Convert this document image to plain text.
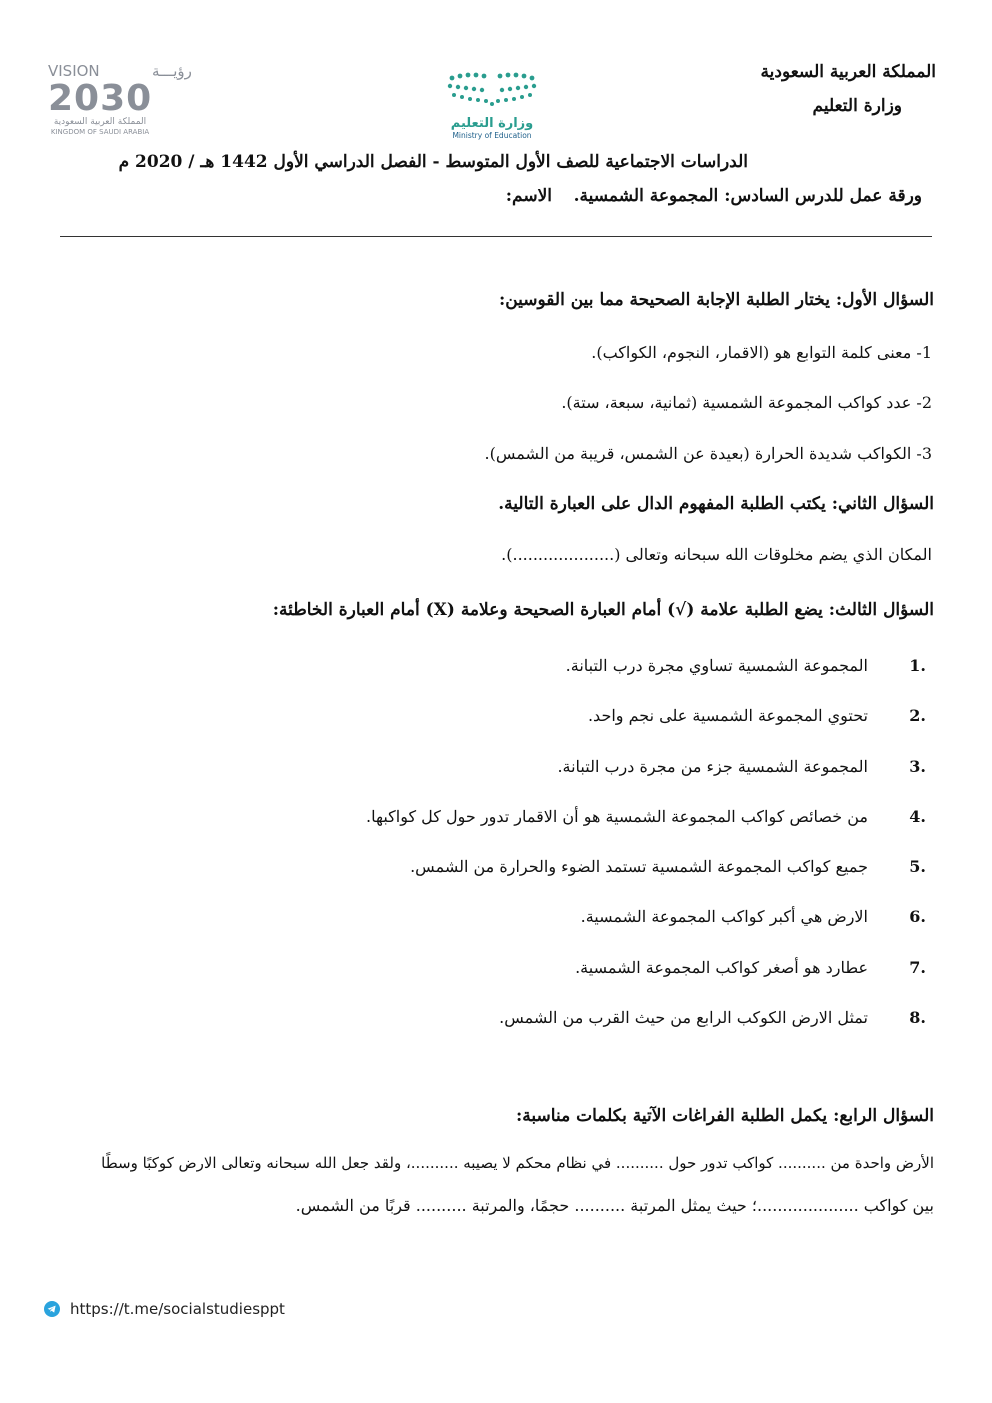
المملكة العربية السعودية
وزارة التعليم
VISION	رؤيـــة
2030
المملكة العربية السعودية
KINGDOM OF SAUDI ARABIA
وزارة التعليم
Ministry of Education
الدراسات الاجتماعية للصف الأول المتوسط - الفصل الدراسي الأول 1442 هـ / 2020 م
ورقة عمل للدرس السادس: المجموعة الشمسية.
الاسم:
السؤال الأول: يختار الطلبة الإجابة الصحيحة مما بين القوسين:
1- معنى كلمة التوابع هو (الاقمار، النجوم، الكواكب).
2- عدد كواكب المجموعة الشمسية (ثمانية، سبعة، ستة).
3- الكواكب شديدة الحرارة (بعيدة عن الشمس، قريبة من الشمس).
السؤال الثاني: يكتب الطلبة المفهوم الدال على العبارة التالية.
المكان الذي يضم مخلوقات الله سبحانه وتعالى (....................).
السؤال الثالث: يضع الطلبة علامة (√) أمام العبارة الصحيحة وعلامة (X) أمام العبارة الخاطئة:
1.
المجموعة الشمسية تساوي مجرة درب التبانة.
2.
تحتوي المجموعة الشمسية على نجم واحد.
3.
المجموعة الشمسية جزء من مجرة درب التبانة.
4.
من خصائص كواكب المجموعة الشمسية هو أن الاقمار تدور حول كل كواكبها.
5.
جميع كواكب المجموعة الشمسية تستمد الضوء والحرارة من الشمس.
6.
الارض هي أكبر كواكب المجموعة الشمسية.
7.
عطارد هو أصغر كواكب المجموعة الشمسية.
8.
تمثل الارض الكوكب الرابع من حيث القرب من الشمس.
السؤال الرابع: يكمل الطلبة الفراغات الآتية بكلمات مناسبة:
الأرض واحدة من .......... كواكب تدور حول .......... في نظام محكم لا يصيبه ..........، ولقد جعل الله سبحانه وتعالى الارض كوكبًا وسطًا
بين كواكب ....................؛ حيث يمثل المرتبة .......... حجمًا، والمرتبة .......... قربًا من الشمس.
https://t.me/socialstudiesppt
